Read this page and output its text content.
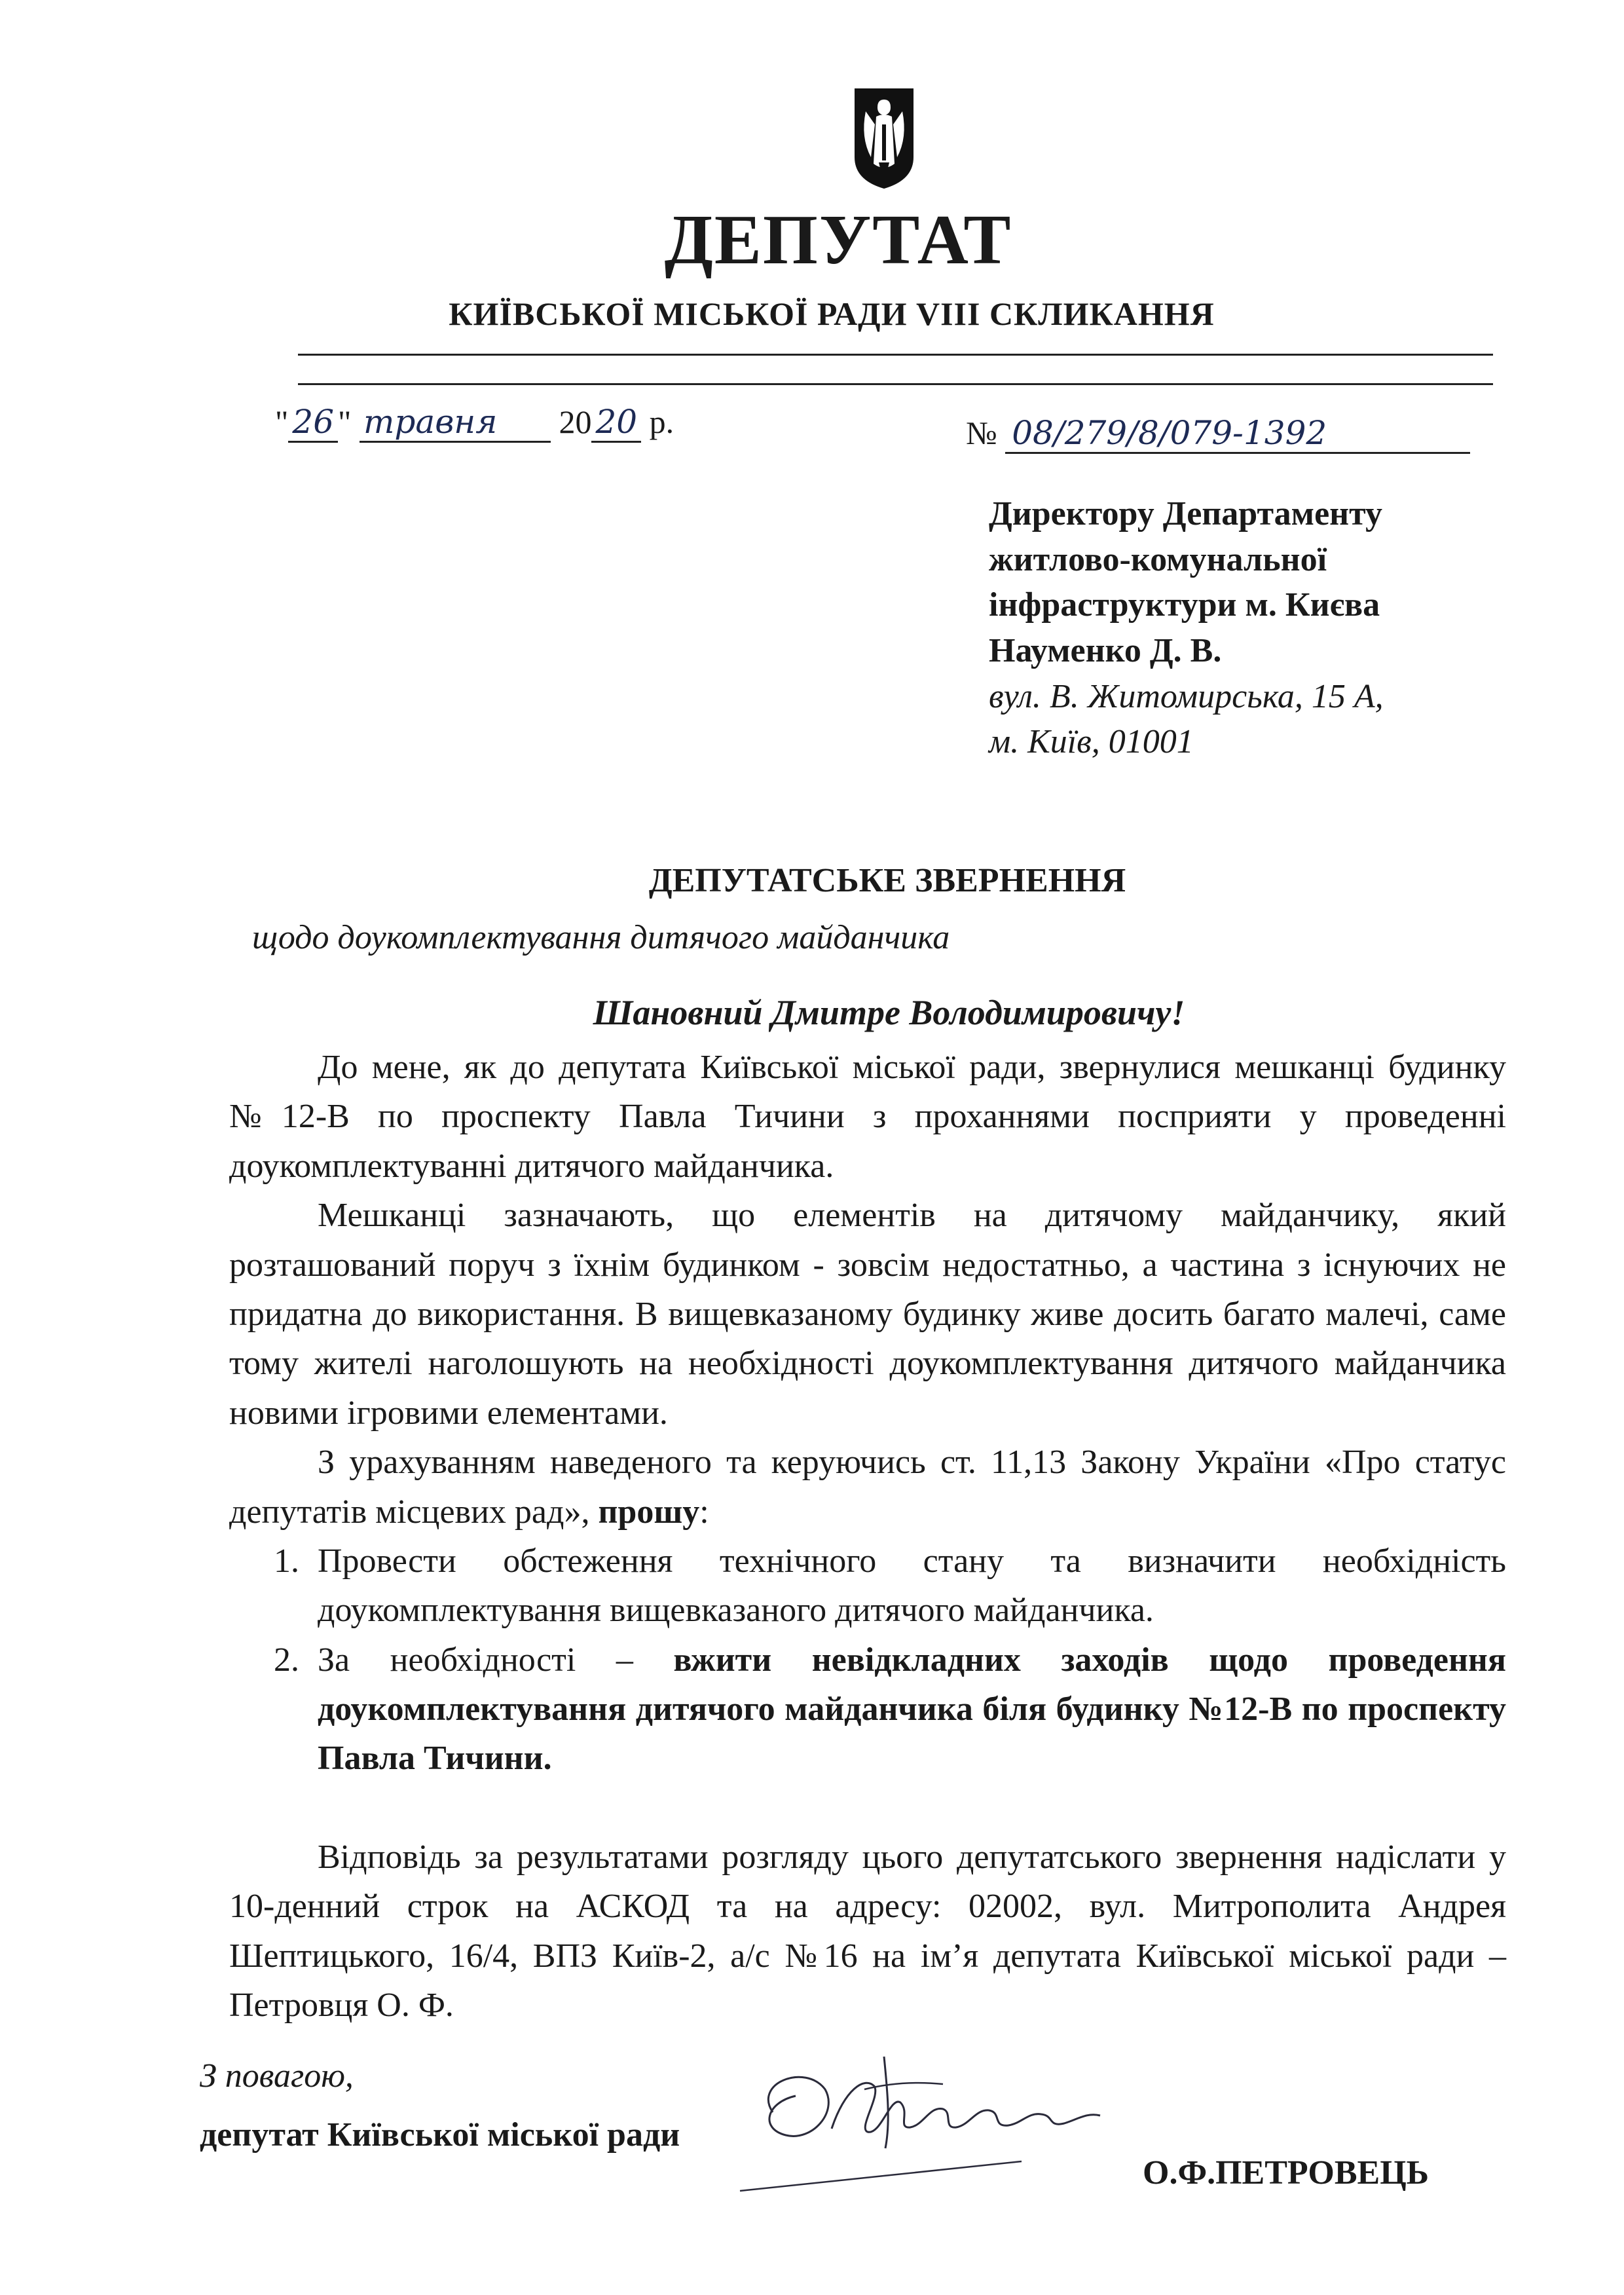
ДЕПУТАТ
КИЇВСЬКОЇ МІСЬКОЇ РАДИ VIII СКЛИКАННЯ
" 26 " травня 20 20 р.	№ 08/279/8/079-1392
Директору Департаменту
житлово-комунальної
інфраструктури м. Києва
Науменко Д. В.
вул. В. Житомирська, 15 А,
м. Київ, 01001
ДЕПУТАТСЬКЕ ЗВЕРНЕННЯ
щодо доукомплектування дитячого майданчика
Шановний Дмитре Володимировичу!

До мене, як до депутата Київської міської ради, звернулися мешканці будинку №12-В по проспекту Павла Тичини з проханнями посприяти у проведенні доукомплектуванні дитячого майданчика.

Мешканці зазначають, що елементів на дитячому майданчику, який розташований поруч з їхнім будинком - зовсім недостатньо, а частина з існуючих не придатна до використання. В вищевказаному будинку живе досить багато малечі, саме тому жителі наголошують на необхідності доукомплектування дитячого майданчика новими ігровими елементами.

З урахуванням наведеного та керуючись ст. 11,13 Закону України «Про статус депутатів місцевих рад», прошу:

1. Провести обстеження технічного стану та визначити необхідність доукомплектування вищевказаного дитячого майданчика.
2. За необхідності – вжити невідкладних заходів щодо проведення доукомплектування дитячого майданчика біля будинку №12-В по проспекту Павла Тичини.

Відповідь за результатами розгляду цього депутатського звернення надіслати у 10-денний строк на АСКОД та на адресу: 02002, вул. Митрополита Андрея Шептицького, 16/4, ВПЗ Київ-2, а/с №16 на ім’я депутата Київської міської ради – Петровця О. Ф.

З повагою,
депутат Київської міської ради
О.Ф.ПЕТРОВЕЦЬ
